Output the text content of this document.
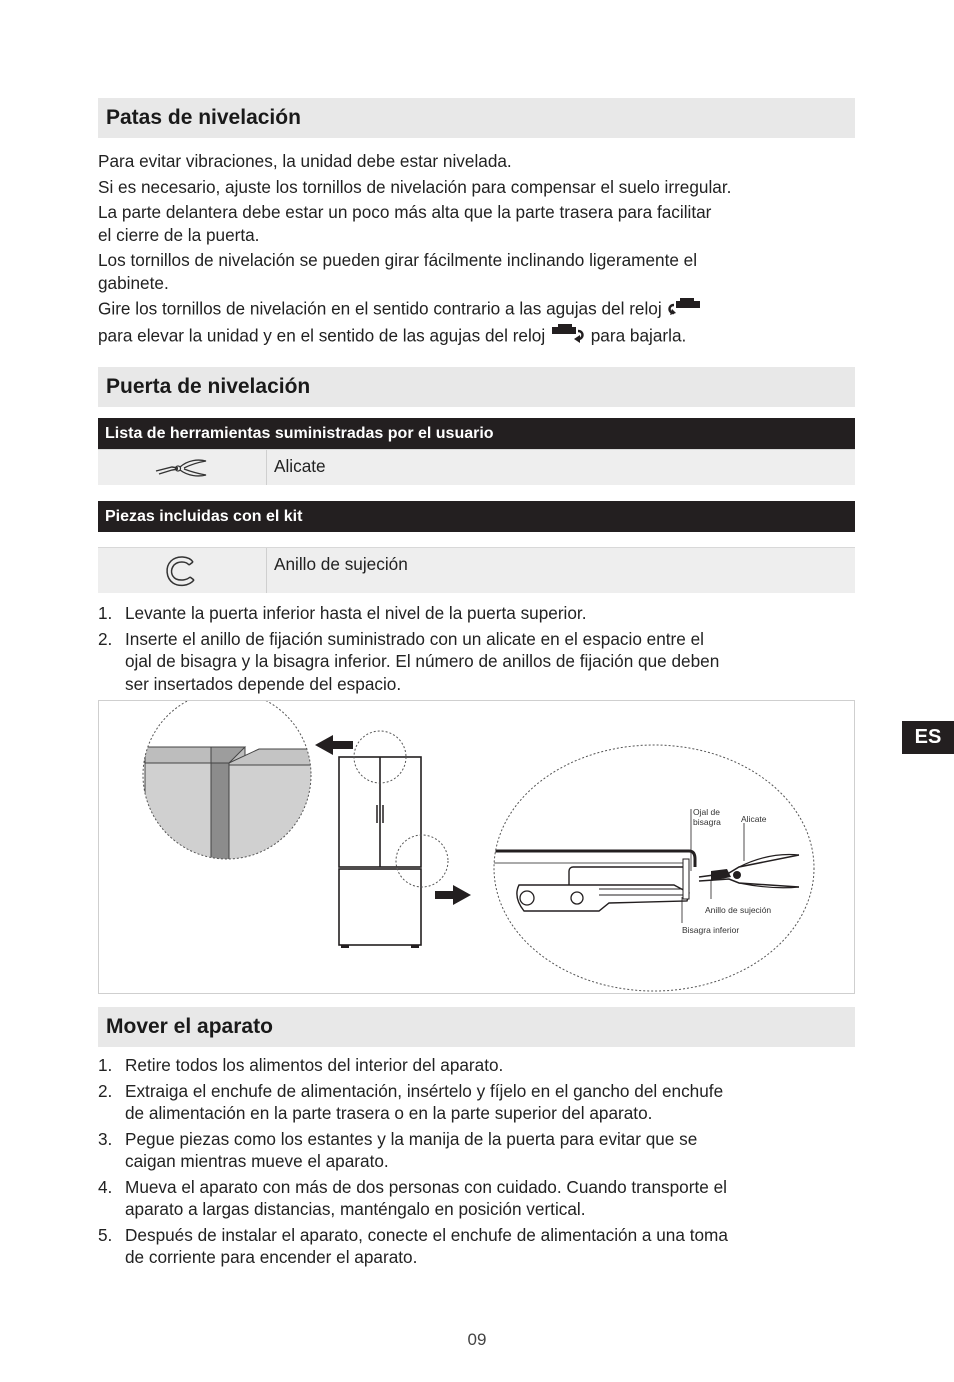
Patas de nivelación

Para evitar vibraciones, la unidad debe estar nivelada.

Si es necesario, ajuste los tornillos de nivelación para compensar el suelo irregular.

La parte delantera debe estar un poco más alta que la parte trasera para facilitar

el cierre de la puerta.

Los tornillos de nivelación se pueden girar fácilmente inclinando ligeramente el

gabinete.

Gire los tornillos de nivelación en el sentido contrario a las agujas del reloj

para elevar la unidad y en el sentido de las agujas del reloj	para bajarla.

Puerta de nivelación
Lista de herramientas suministradas por el usuario
Alicate
Piezas incluidas con el kit
Anillo de sujeción
1. Levante la puerta inferior hasta el nivel de la puerta superior.
2. Inserte el anillo de fijación suministrado con un alicate en el espacio entre el
ojal de bisagra y la bisagra inferior. El número de anillos de fijación que deben
ser insertados depende del espacio.
Ojal de
bisagra Alicate
Anillo de sujeción
Bisagra inferior
Mover el aparato
1. Retire todos los alimentos del interior del aparato.
2. Extraiga el enchufe de alimentación, insértelo y fíjelo en el gancho del enchufe
de alimentación en la parte trasera o en la parte superior del aparato.
3. Pegue piezas como los estantes y la manija de la puerta para evitar que se
caigan mientras mueve el aparato.
4. Mueva el aparato con más de dos personas con cuidado. Cuando transporte el
aparato a largas distancias, manténgalo en posición vertical.
5. Después de instalar el aparato, conecte el enchufe de alimentación a una toma
de corriente para encender el aparato.
ES
09
